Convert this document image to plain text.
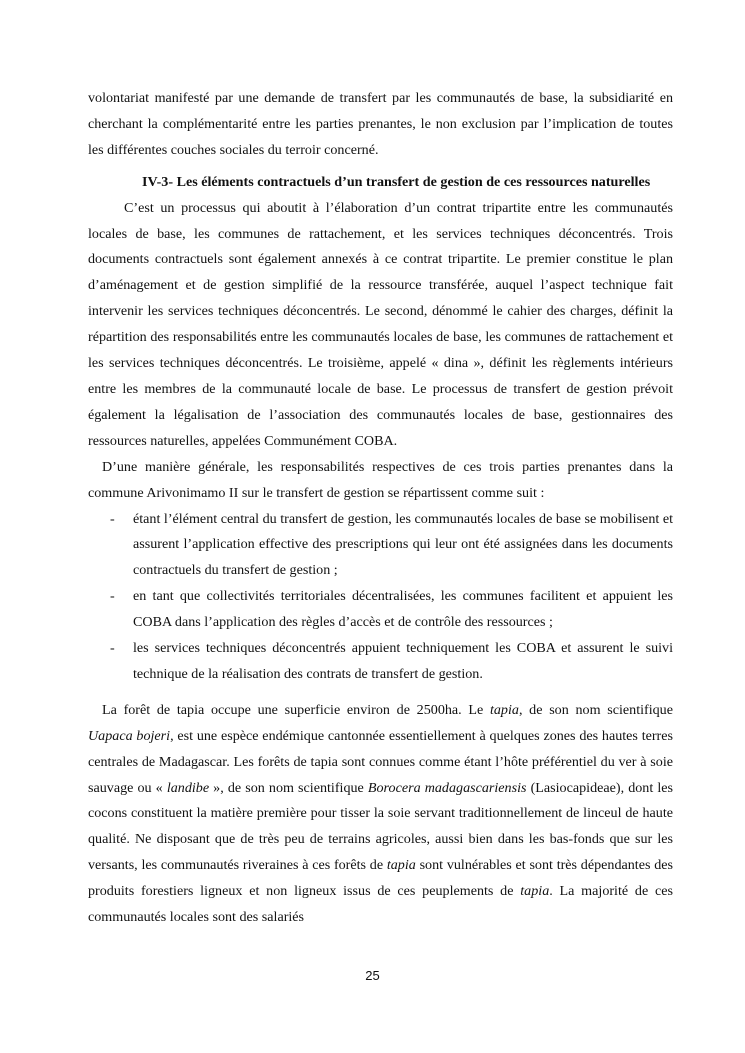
volontariat manifesté par une demande de transfert par les communautés de base, la subsidiarité en cherchant la complémentarité entre les parties prenantes, le non exclusion par l’implication de toutes les différentes couches sociales du terroir concerné.

IV-3- Les éléments contractuels d’un transfert de gestion de ces ressources naturelles

C’est un processus qui aboutit à l’élaboration d’un contrat tripartite entre les communautés locales de base, les communes de rattachement, et les services techniques déconcentrés. Trois documents contractuels sont également annexés à ce contrat tripartite. Le premier constitue le plan d’aménagement et de gestion simplifié de la ressource transférée, auquel l’aspect technique fait intervenir les services techniques déconcentrés. Le second, dénommé le cahier des charges, définit la répartition des responsabilités entre les communautés locales de base, les communes de rattachement et les services techniques déconcentrés. Le troisième, appelé « dina », définit les règlements intérieurs entre les membres de la communauté locale de base. Le processus de transfert de gestion prévoit également la légalisation de l’association des communautés locales de base, gestionnaires des ressources naturelles, appelées Communément COBA.

D’une manière générale, les responsabilités respectives de ces trois parties prenantes dans la commune Arivonimamo II sur le transfert de gestion se répartissent comme suit :

- étant l’élément central du transfert de gestion, les communautés locales de base se mobilisent et assurent l’application effective des prescriptions qui leur ont été assignées dans les documents contractuels du transfert de gestion ;
- en tant que collectivités territoriales décentralisées, les communes facilitent et appuient les COBA dans l’application des règles d’accès et de contrôle des ressources ;
- les services techniques déconcentrés appuient techniquement les COBA et assurent le suivi technique de la réalisation des contrats de transfert de gestion.

La forêt de tapia occupe une superficie environ de 2500ha. Le tapia, de son nom scientifique Uapaca bojeri, est une espèce endémique cantonnée essentiellement à quelques zones des hautes terres centrales de Madagascar. Les forêts de tapia sont connues comme étant l’hôte préférentiel du ver à soie sauvage ou « landibe », de son nom scientifique Borocera madagascariensis (Lasiocapideae), dont les cocons constituent la matière première pour tisser la soie servant traditionnellement de linceul de haute qualité. Ne disposant que de très peu de terrains agricoles, aussi bien dans les bas-fonds que sur les versants, les communautés riveraines à ces forêts de tapia sont vulnérables et sont très dépendantes des produits forestiers ligneux et non ligneux issus de ces peuplements de tapia. La majorité de ces communautés locales sont des salariés

25
